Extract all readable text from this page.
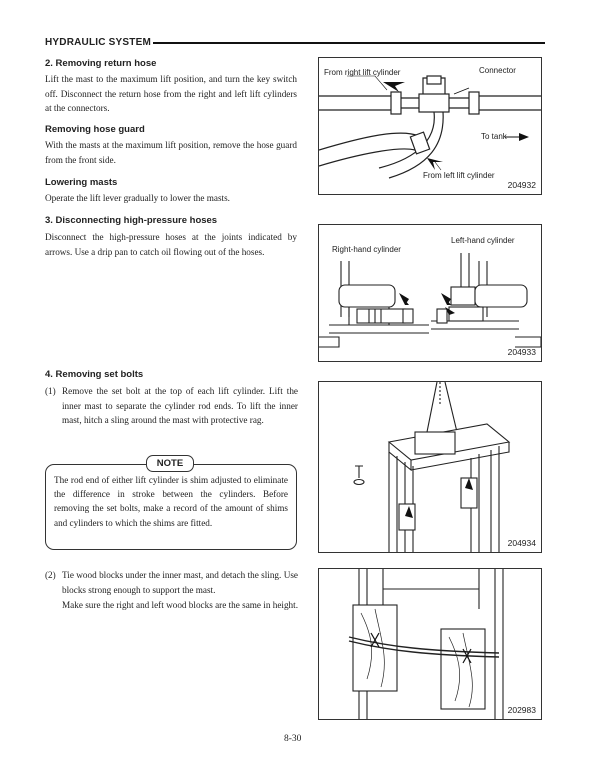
HYDRAULIC SYSTEM
2. Removing return hose
Lift the mast to the maximum lift position, and turn the key switch off. Disconnect the return hose from the right and left lift cylinders at the connectors.
Removing hose guard
With the masts at the maximum lift position, remove the hose guard from the front side.
Lowering masts
Operate the lift lever gradually to lower the masts.
3. Disconnecting high-pressure hoses
Disconnect the high-pressure hoses at the joints indicated by arrows. Use a drip pan to catch oil flowing out of the hoses.
4. Removing set bolts
(1) Remove the set bolt at the top of each lift cylinder. Lift the inner mast to separate the cylinder rod ends. To lift the inner mast, hitch a sling around the mast with protective rag.
NOTE
The rod end of either lift cylinder is shim adjusted to eliminate the difference in stroke between the cylinders. Before removing the set bolts, make a record of the amount of shims and cylinders to which the shims are fitted.
(2) Tie wood blocks under the inner mast, and detach the sling. Use blocks strong enough to support the mast.
Make sure the right and left wood blocks are the same in height.
From right lift cylinder	Connector
To tank
From left lift cylinder
204932
Right-hand cylinder
Left-hand cylinder
204933
204934
202983
8-30
